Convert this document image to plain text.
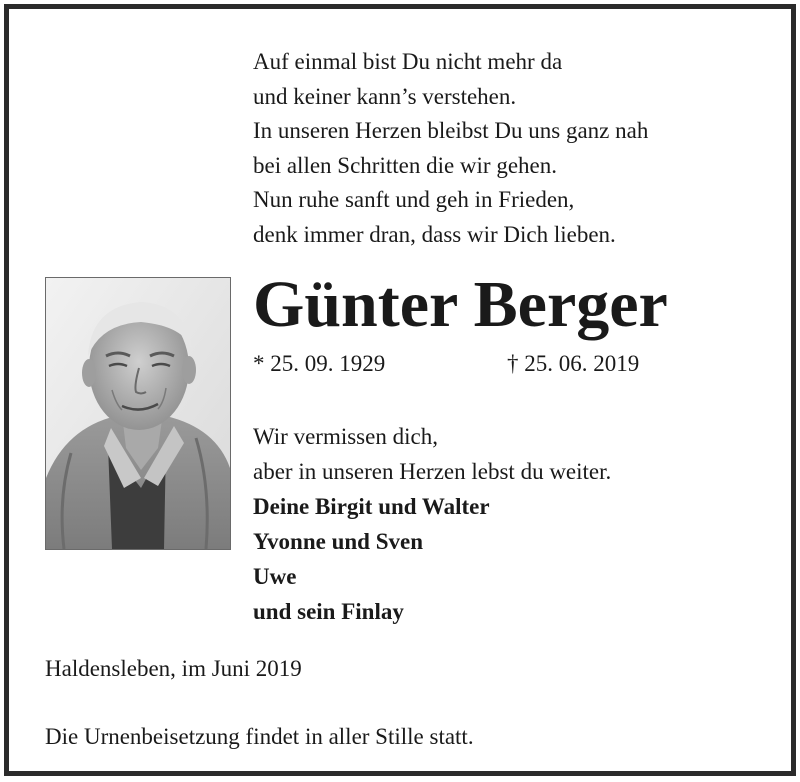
Auf einmal bist Du nicht mehr da
und keiner kann’s verstehen.
In unseren Herzen bleibst Du uns ganz nah
bei allen Schritten die wir gehen.
Nun ruhe sanft und geh in Frieden,
denk immer dran, dass wir Dich lieben.
Günter Berger
* 25. 09. 1929	† 25. 06. 2019
Wir vermissen dich,
aber in unseren Herzen lebst du weiter.
Deine Birgit und Walter
Yvonne und Sven
Uwe
und sein Finlay
Haldensleben, im Juni 2019
Die Urnenbeisetzung findet in aller Stille statt.
